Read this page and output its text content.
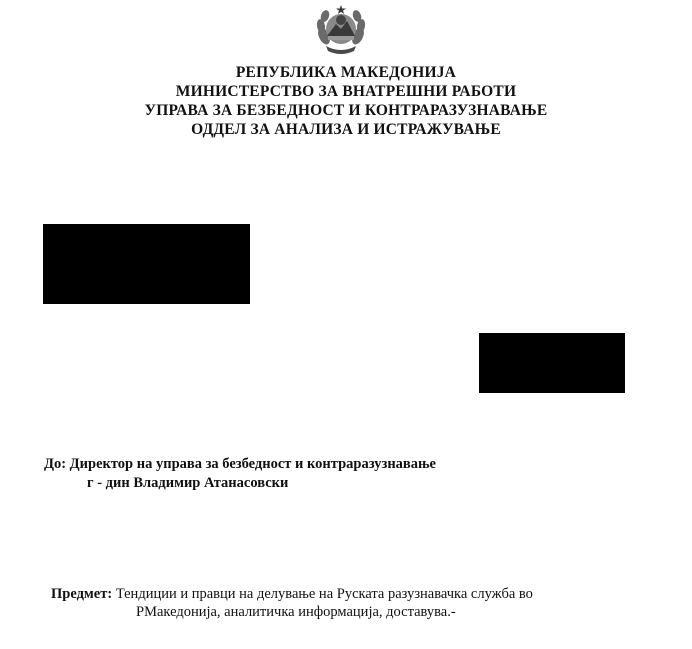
РЕПУБЛИКА МАКЕДОНИЈА
МИНИСТЕРСТВО ЗА ВНАТРЕШНИ РАБОТИ
УПРАВА ЗА БЕЗБЕДНОСТ И КОНТРАРАЗУЗНАВАЊЕ
ОДДЕЛ ЗА АНАЛИЗА И ИСТРАЖУВАЊЕ
До: Директор на управа за безбедност и контраразузнавање
г - дин Владимир Атанасовски
Предмет: Тендиции и правци на делување на Руската разузнавачка служба во
РМакедонија, аналитичка информација, доставува.-
